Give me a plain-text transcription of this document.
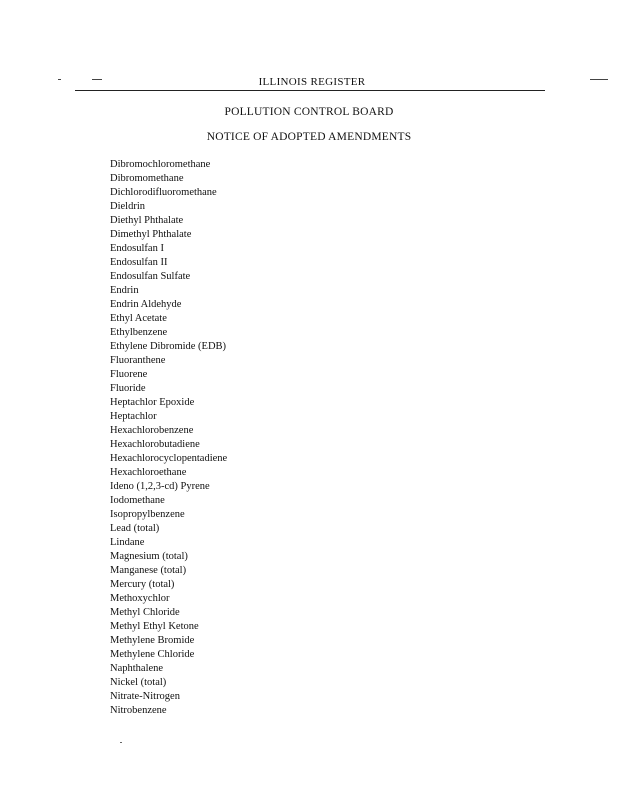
ILLINOIS REGISTER
POLLUTION CONTROL BOARD
NOTICE OF ADOPTED AMENDMENTS
Dibromochloromethane
Dibromomethane
Dichlorodifluoromethane
Dieldrin
Diethyl Phthalate
Dimethyl Phthalate
Endosulfan I
Endosulfan II
Endosulfan Sulfate
Endrin
Endrin Aldehyde
Ethyl Acetate
Ethylbenzene
Ethylene Dibromide (EDB)
Fluoranthene
Fluorene
Fluoride
Heptachlor Epoxide
Heptachlor
Hexachlorobenzene
Hexachlorobutadiene
Hexachlorocyclopentadiene
Hexachloroethane
Ideno (1,2,3-cd) Pyrene
Iodomethane
Isopropylbenzene
Lead (total)
Lindane
Magnesium (total)
Manganese (total)
Mercury (total)
Methoxychlor
Methyl Chloride
Methyl Ethyl Ketone
Methylene Bromide
Methylene Chloride
Naphthalene
Nickel (total)
Nitrate-Nitrogen
Nitrobenzene
